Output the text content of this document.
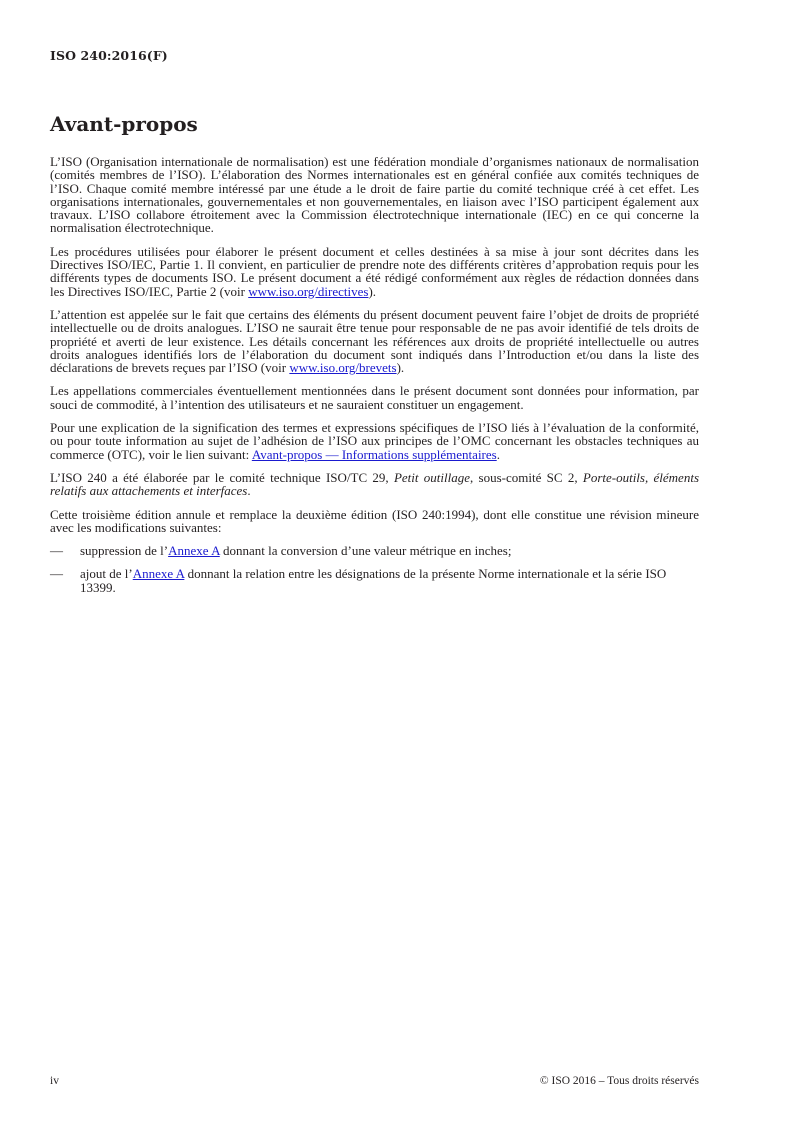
ISO 240:2016(F)
Avant-propos

L’ISO (Organisation internationale de normalisation) est une fédération mondiale d’organismes nationaux de normalisation (comités membres de l’ISO). L’élaboration des Normes internationales est en général confiée aux comités techniques de l’ISO. Chaque comité membre intéressé par une étude a le droit de faire partie du comité technique créé à cet effet. Les organisations internationales, gouvernementales et non gouvernementales, en liaison avec l’ISO participent également aux travaux. L’ISO collabore étroitement avec la Commission électrotechnique internationale (IEC) en ce qui concerne la normalisation électrotechnique.

Les procédures utilisées pour élaborer le présent document et celles destinées à sa mise à jour sont décrites dans les Directives ISO/IEC, Partie 1. Il convient, en particulier de prendre note des différents critères d’approbation requis pour les différents types de documents ISO. Le présent document a été rédigé conformément aux règles de rédaction données dans les Directives ISO/IEC, Partie 2 (voir www.iso.org/directives).

L’attention est appelée sur le fait que certains des éléments du présent document peuvent faire l’objet de droits de propriété intellectuelle ou de droits analogues. L’ISO ne saurait être tenue pour responsable de ne pas avoir identifié de tels droits de propriété et averti de leur existence. Les détails concernant les références aux droits de propriété intellectuelle ou autres droits analogues identifiés lors de l’élaboration du document sont indiqués dans l’Introduction et/ou dans la liste des déclarations de brevets reçues par l’ISO (voir www.iso.org/brevets).

Les appellations commerciales éventuellement mentionnées dans le présent document sont données pour information, par souci de commodité, à l’intention des utilisateurs et ne sauraient constituer un engagement.

Pour une explication de la signification des termes et expressions spécifiques de l’ISO liés à l’évaluation de la conformité, ou pour toute information au sujet de l’adhésion de l’ISO aux principes de l’OMC concernant les obstacles techniques au commerce (OTC), voir le lien suivant: Avant-propos — Informations supplémentaires.

L’ISO 240 a été élaborée par le comité technique ISO/TC 29, Petit outillage, sous-comité SC 2, Porte-outils, éléments relatifs aux attachements et interfaces.

Cette troisième édition annule et remplace la deuxième édition (ISO 240:1994), dont elle constitue une révision mineure avec les modifications suivantes:

—	suppression de l’Annexe A donnant la conversion d’une valeur métrique en inches;
—	ajout de l’Annexe A donnant la relation entre les désignations de la présente Norme internationale et la série ISO 13399.
iv	© ISO 2016 – Tous droits réservés
